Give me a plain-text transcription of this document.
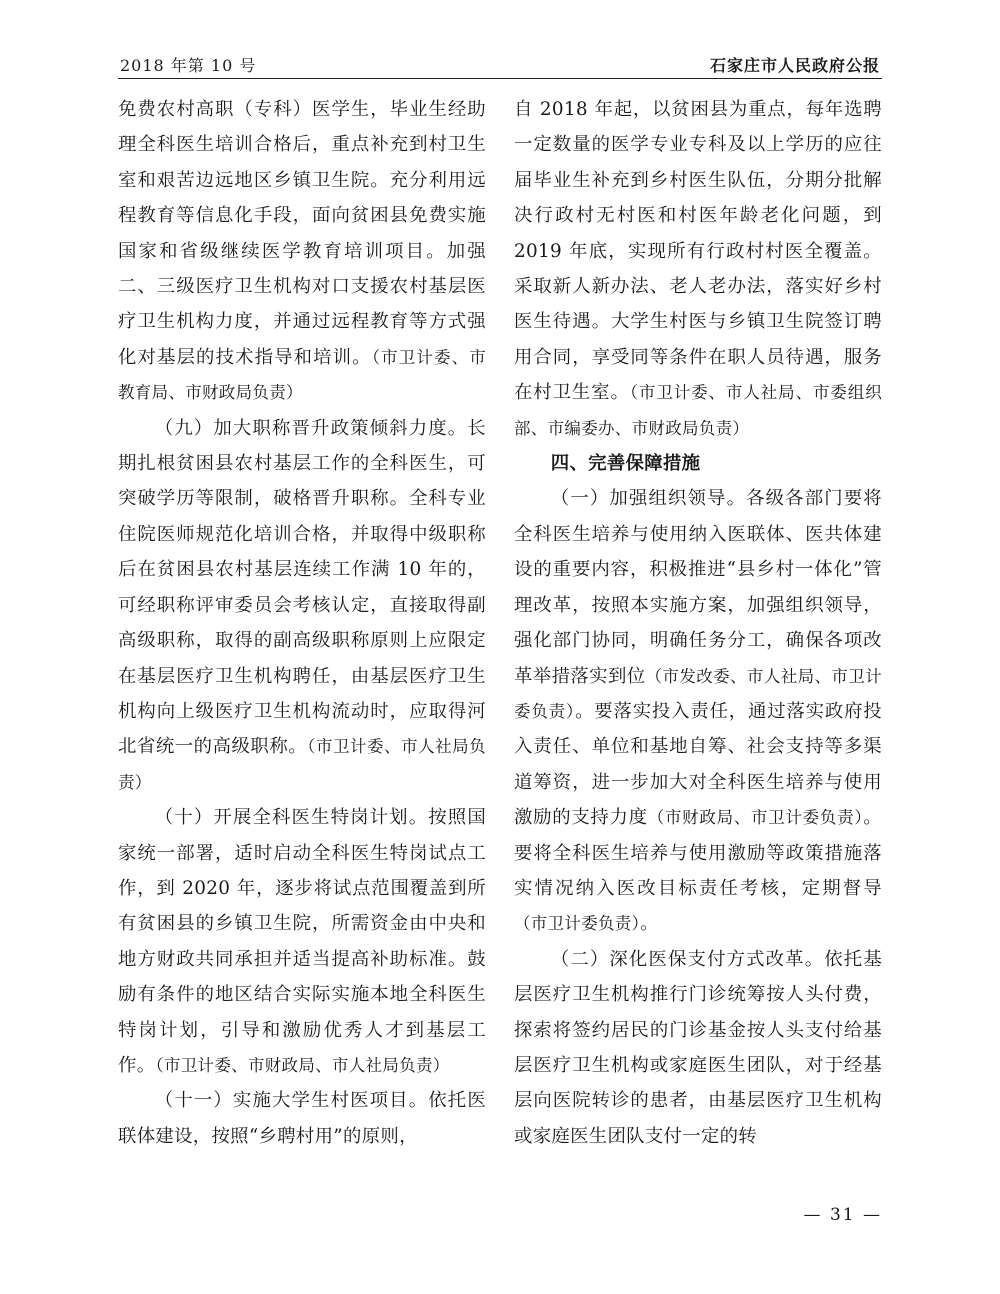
2018 年第 10 号	石家庄市人民政府公报

免费农村高职（专科）医学生，毕业生经助理全科医生培训合格后，重点补充到村卫生室和艰苦边远地区乡镇卫生院。充分利用远程教育等信息化手段，面向贫困县免费实施国家和省级继续医学教育培训项目。加强二、三级医疗卫生机构对口支援农村基层医疗卫生机构力度，并通过远程教育等方式强化对基层的技术指导和培训。（市卫计委、市教育局、市财政局负责）

（九）加大职称晋升政策倾斜力度。长期扎根贫困县农村基层工作的全科医生，可突破学历等限制，破格晋升职称。全科专业住院医师规范化培训合格，并取得中级职称后在贫困县农村基层连续工作满 10 年的，可经职称评审委员会考核认定，直接取得副高级职称，取得的副高级职称原则上应限定在基层医疗卫生机构聘任，由基层医疗卫生机构向上级医疗卫生机构流动时，应取得河北省统一的高级职称。（市卫计委、市人社局负责）

（十）开展全科医生特岗计划。按照国家统一部署，适时启动全科医生特岗试点工作，到 2020 年，逐步将试点范围覆盖到所有贫困县的乡镇卫生院，所需资金由中央和地方财政共同承担并适当提高补助标准。鼓励有条件的地区结合实际实施本地全科医生特岗计划，引导和激励优秀人才到基层工作。（市卫计委、市财政局、市人社局负责）

（十一）实施大学生村医项目。依托医联体建设，按照“乡聘村用”的原则，

自 2018 年起，以贫困县为重点，每年选聘一定数量的医学专业专科及以上学历的应往届毕业生补充到乡村医生队伍，分期分批解决行政村无村医和村医年龄老化问题，到 2019 年底，实现所有行政村村医全覆盖。采取新人新办法、老人老办法，落实好乡村医生待遇。大学生村医与乡镇卫生院签订聘用合同，享受同等条件在职人员待遇，服务在村卫生室。（市卫计委、市人社局、市委组织部、市编委办、市财政局负责）

四、完善保障措施

（一）加强组织领导。各级各部门要将全科医生培养与使用纳入医联体、医共体建设的重要内容，积极推进“县乡村一体化”管理改革，按照本实施方案，加强组织领导，强化部门协同，明确任务分工，确保各项改革举措落实到位（市发改委、市人社局、市卫计委负责）。要落实投入责任，通过落实政府投入责任、单位和基地自筹、社会支持等多渠道筹资，进一步加大对全科医生培养与使用激励的支持力度（市财政局、市卫计委负责）。要将全科医生培养与使用激励等政策措施落实情况纳入医改目标责任考核，定期督导（市卫计委负责）。

（二）深化医保支付方式改革。依托基层医疗卫生机构推行门诊统筹按人头付费，探索将签约居民的门诊基金按人头支付给基层医疗卫生机构或家庭医生团队，对于经基层向医院转诊的患者，由基层医疗卫生机构或家庭医生团队支付一定的转

— 31 —
